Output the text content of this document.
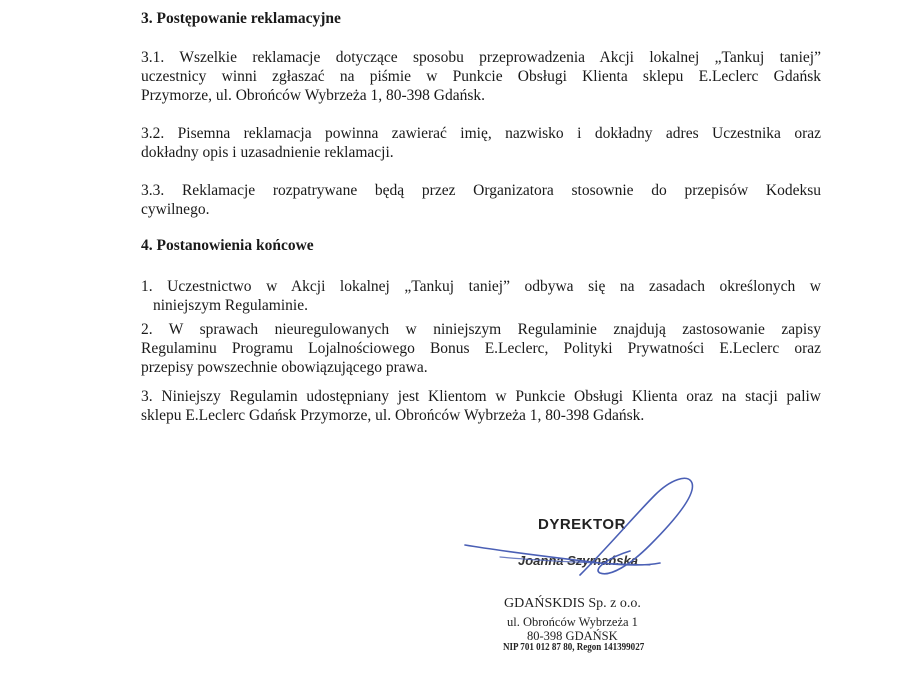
3. Postępowanie reklamacyjne
3.1. Wszelkie reklamacje dotyczące sposobu przeprowadzenia Akcji lokalnej „Tankuj taniej”
uczestnicy winni zgłaszać na piśmie w Punkcie Obsługi Klienta sklepu E.Leclerc Gdańsk
Przymorze, ul. Obrońców Wybrzeża 1, 80-398 Gdańsk.
3.2. Pisemna reklamacja powinna zawierać imię, nazwisko i dokładny adres Uczestnika oraz
dokładny opis i uzasadnienie reklamacji.
3.3. Reklamacje rozpatrywane będą przez Organizatora stosownie do przepisów Kodeksu
cywilnego.
4. Postanowienia końcowe
1. Uczestnictwo w Akcji lokalnej „Tankuj taniej” odbywa się na zasadach określonych w
niniejszym Regulaminie.
2. W sprawach nieuregulowanych w niniejszym Regulaminie znajdują zastosowanie zapisy
Regulaminu Programu Lojalnościowego Bonus E.Leclerc, Polityki Prywatności E.Leclerc oraz
przepisy powszechnie obowiązującego prawa.
3. Niniejszy Regulamin udostępniany jest Klientom w Punkcie Obsługi Klienta oraz na stacji paliw
sklepu E.Leclerc Gdańsk Przymorze, ul. Obrońców Wybrzeża 1, 80-398 Gdańsk.
DYREKTOR
Joanna Szymańska
GDAŃSKDIS Sp. z o.o.
ul. Obrońców Wybrzeża 1
80-398 GDAŃSK
NIP 701 012 87 80, Regon 141399027
